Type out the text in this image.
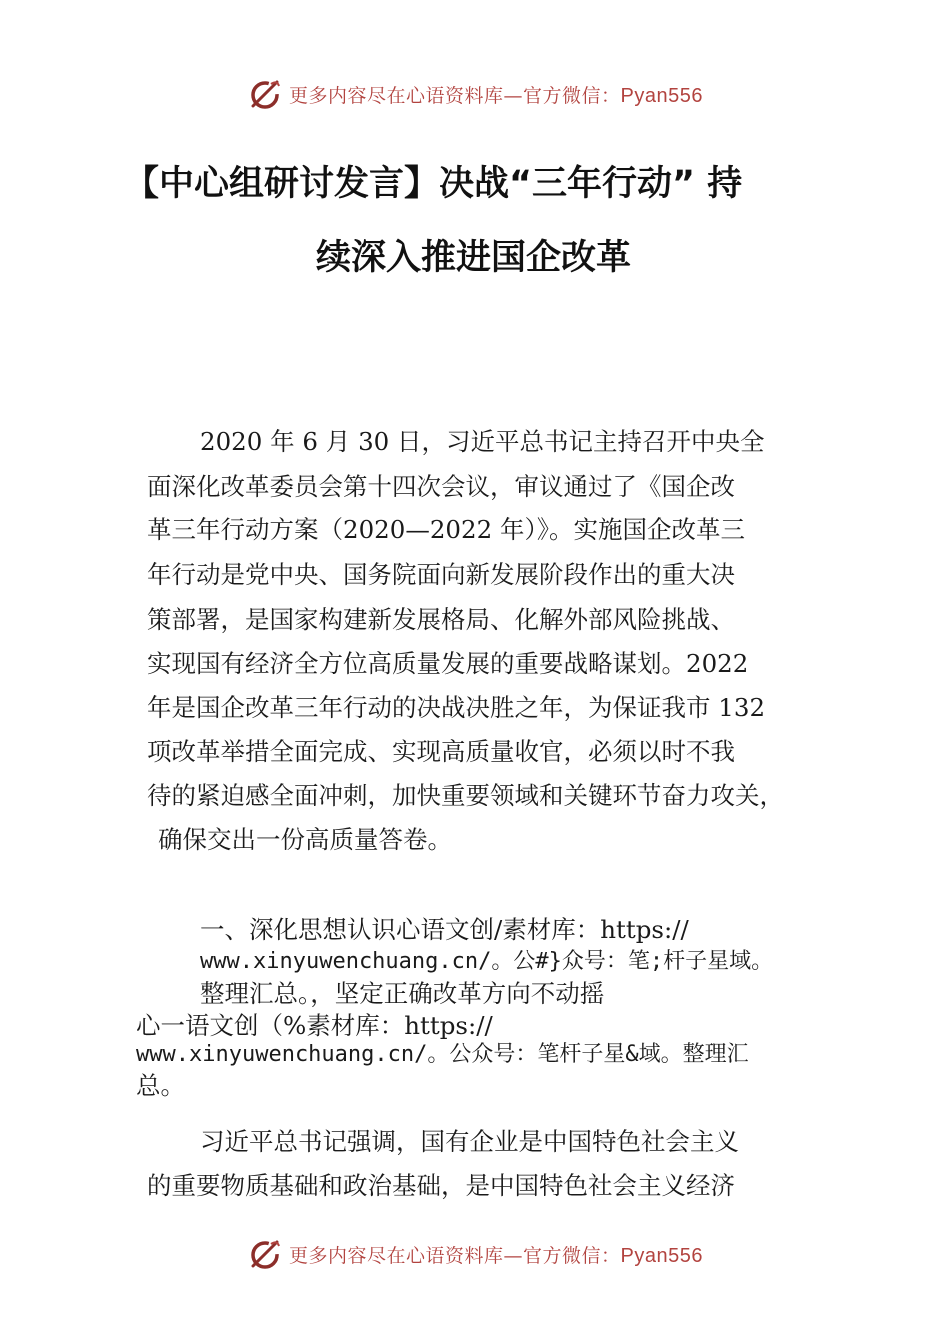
更多内容尽在心语资料库—官方微信：Pyan556
【中心组研讨发言】决战“三年行动” 持
续深入推进国企改革
2020 年 6 月 30 日，习近平总书记主持召开中央全
面深化改革委员会第十四次会议，审议通过了《国企改
革三年行动方案（2020—2022 年）》。实施国企改革三
年行动是党中央、国务院面向新发展阶段作出的重大决
策部署，是国家构建新发展格局、化解外部风险挑战、
实现国有经济全方位高质量发展的重要战略谋划。2022
年是国企改革三年行动的决战决胜之年，为保证我市 132
项改革举措全面完成、实现高质量收官，必须以时不我
待的紧迫感全面冲刺，加快重要领域和关键环节奋力攻关，
确保交出一份高质量答卷。
一、深化思想认识心语文创/素材库：https://
www.xinyuwenchuang.cn/。公#}众号：笔;杆子星域。
整理汇总。，坚定正确改革方向不动摇
心一语文创（%素材库：https://
www.xinyuwenchuang.cn/。公众号：笔杆子星&域。整理汇
总。
习近平总书记强调，国有企业是中国特色社会主义
的重要物质基础和政治基础，是中国特色社会主义经济
更多内容尽在心语资料库—官方微信：Pyan556
